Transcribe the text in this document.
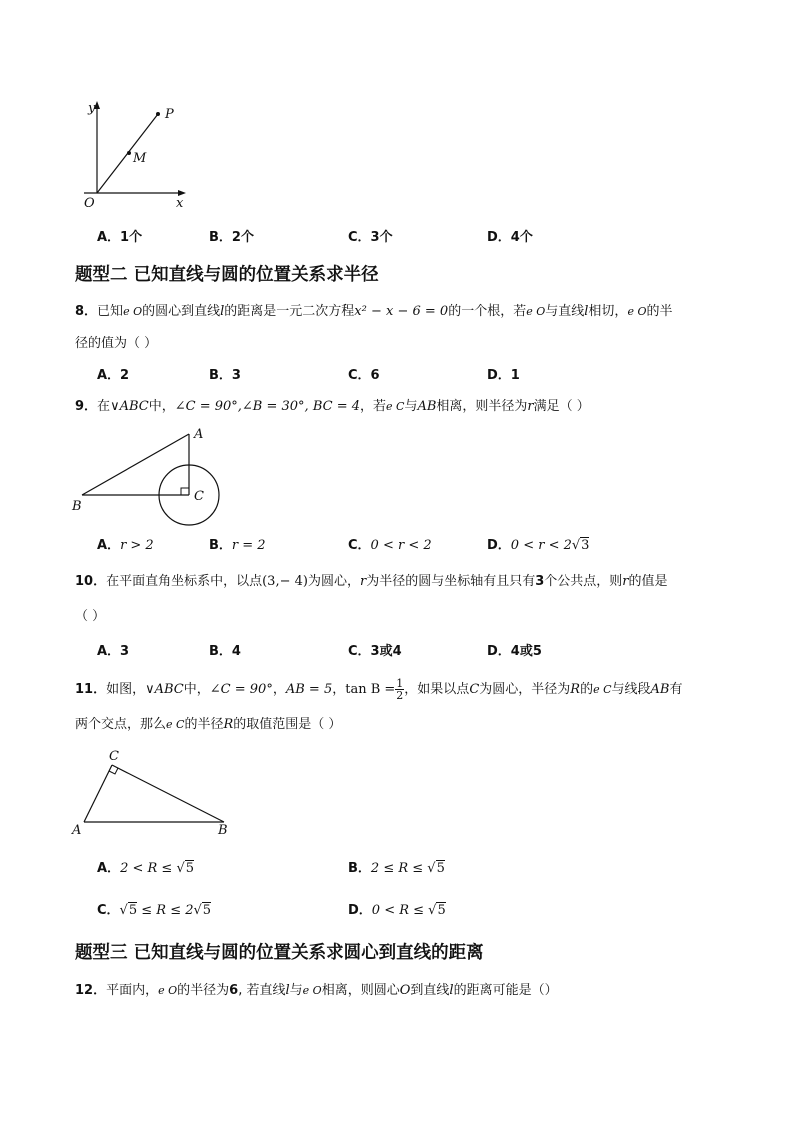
y	P
M
O	x
A．1个	B．2个	C．3个	D．4个
题型二 已知直线与圆的位置关系求半径
8．已知e O的圆心到直线l的距离是一元二次方程x² − x − 6 = 0的一个根，若e O与直线l相切，e O的半
径的值为（ ）
A．2	B．3	C．6	D．1
9．在∨ABC中，∠C = 90°,∠B = 30°, BC = 4，若e C与AB相离，则半径为r满足（ ）
A
B
C
A．r > 2	B．r = 2	C．0 < r < 2	D．0 < r < 2√3
10．在平面直角坐标系中，以点(3,− 4)为圆心，r为半径的圆与坐标轴有且只有3个公共点，则r的值是
（ ）
A．3	B．4	C．3或4	D．4或5
11．如图，∨ABC中，∠C = 90°，AB = 5，$\tan B = \frac{1}{2}$ ，如果以点C为圆心，半径为R的e C与线段AB有
两个交点，那么e C的半径R的取值范围是（ ）
C
A	B
A．2 < R ≤ √5	B．2 ≤ R ≤ √5
C．√5 ≤ R ≤ 2√5	D．0 < R ≤ √5
题型三 已知直线与圆的位置关系求圆心到直线的距离
12．平面内，e O的半径为6, 若直线l与e O相离，则圆心O到直线l的距离可能是（）
